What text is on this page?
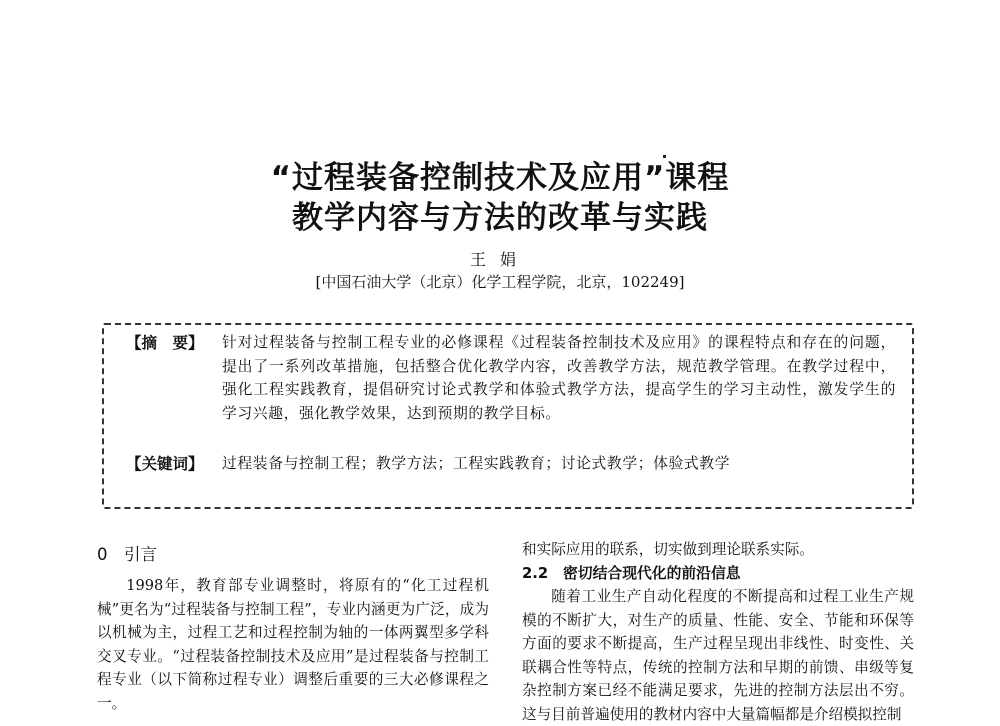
“过程装备控制技术及应用”课程
教学内容与方法的改革与实践
王娟
[中国石油大学（北京）化学工程学院，北京，102249]
【摘　要】 针对过程装备与控制工程专业的必修课程《过程装备控制技术及应用》的课程特点和存在的问题，提出了一系列改革措施，包括整合优化教学内容，改善教学方法，规范教学管理。在教学过程中，强化工程实践教育，提倡研究讨论式教学和体验式教学方法，提高学生的学习主动性，激发学生的学习兴趣，强化教学效果，达到预期的教学目标。
【关键词】 过程装备与控制工程；教学方法；工程实践教育；讨论式教学；体验式教学
0　引言

1998年，教育部专业调整时，将原有的“化工过程机械”更名为“过程装备与控制工程”，专业内涵更为广泛，成为以机械为主，过程工艺和过程控制为轴的一体两翼型多学科交叉专业。“过程装备控制技术及应用”是过程装备与控制工程专业（以下简称过程专业）调整后重要的三大必修课程之一。

和实际应用的联系，切实做到理论联系实际。

2.2　密切结合现代化的前沿信息

随着工业生产自动化程度的不断提高和过程工业生产规模的不断扩大，对生产的质量、性能、安全、节能和环保等方面的要求不断提高，生产过程呈现出非线性、时变性、关联耦合性等特点，传统的控制方法和早期的前馈、串级等复杂控制方案已经不能满足要求，先进的控制方法层出不穷。这与目前普遍使用的教材内容中大量篇幅都是介绍模拟控制
